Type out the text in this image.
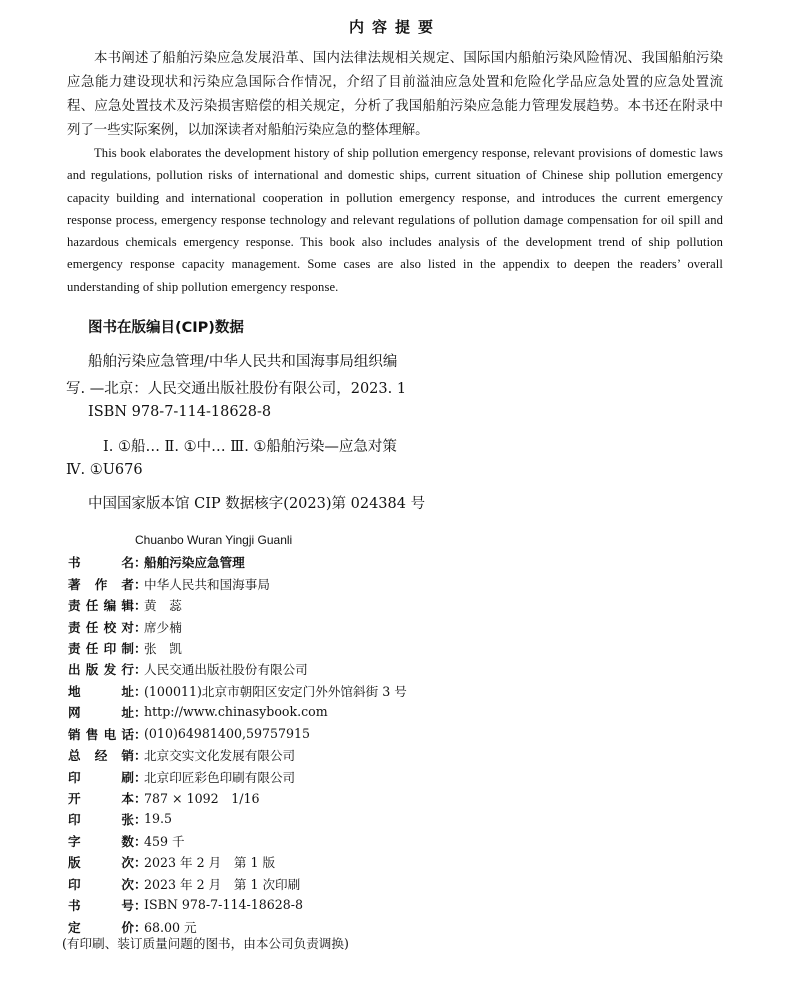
内容提要
本书阐述了船舶污染应急发展沿革、国内法律法规相关规定、国际国内船舶污染风险情况、我国船舶污染应急能力建设现状和污染应急国际合作情况，介绍了目前溢油应急处置和危险化学品应急处置的应急处置流程、应急处置技术及污染损害赔偿的相关规定，分析了我国船舶污染应急能力管理发展趋势。本书还在附录中列了一些实际案例，以加深读者对船舶污染应急的整体理解。
This book elaborates the development history of ship pollution emergency response, relevant provisions of domestic laws and regulations, pollution risks of international and domestic ships, current situation of Chinese ship pollution emergency capacity building and international cooperation in pollution emergency response, and introduces the current emergency response process, emergency response technology and relevant regulations of pollution damage compensation for oil spill and hazardous chemicals emergency response. This book also includes analysis of the development trend of ship pollution emergency response capacity management. Some cases are also listed in the appendix to deepen the readers’ overall understanding of ship pollution emergency response.
图书在版编目(CIP)数据
船舶污染应急管理/中华人民共和国海事局组织编
写. —北京：人民交通出版社股份有限公司，2023. 1
ISBN 978-7-114-18628-8
Ⅰ. ①船… Ⅱ. ①中… Ⅲ. ①船舶污染—应急对策
Ⅳ. ①U676
中国国家版本馆 CIP 数据核字(2023)第 024384 号
Chuanbo Wuran Yingji Guanli
书	名 ：
船舶污染应急管理
著 作 者 ：
中华人民共和国海事局
责 任 编 辑 ：
黄　蕊
责 任 校 对 ：
席少楠
责 任 印 制 ：
张　凯
出 版 发 行 ：
人民交通出版社股份有限公司
地	址 ：
(100011)北京市朝阳区安定门外外馆斜街 3 号
网	址 ：
http://www.chinasybook.com
销 售 电 话 ：
(010)64981400,59757915
总 经 销 ：
北京交实文化发展有限公司
印	刷 ：
北京印匠彩色印刷有限公司
开	本 ：
787 × 1092　1/16
印	张 ：
19.5
字	数 ：
459 千
版	次 ：
2023 年 2 月　第 1 版
印	次 ：
2023 年 2 月　第 1 次印刷
书	号 ：
ISBN 978-7-114-18628-8
定	价 ：
68.00 元
(有印刷、装订质量问题的图书，由本公司负责调换)
